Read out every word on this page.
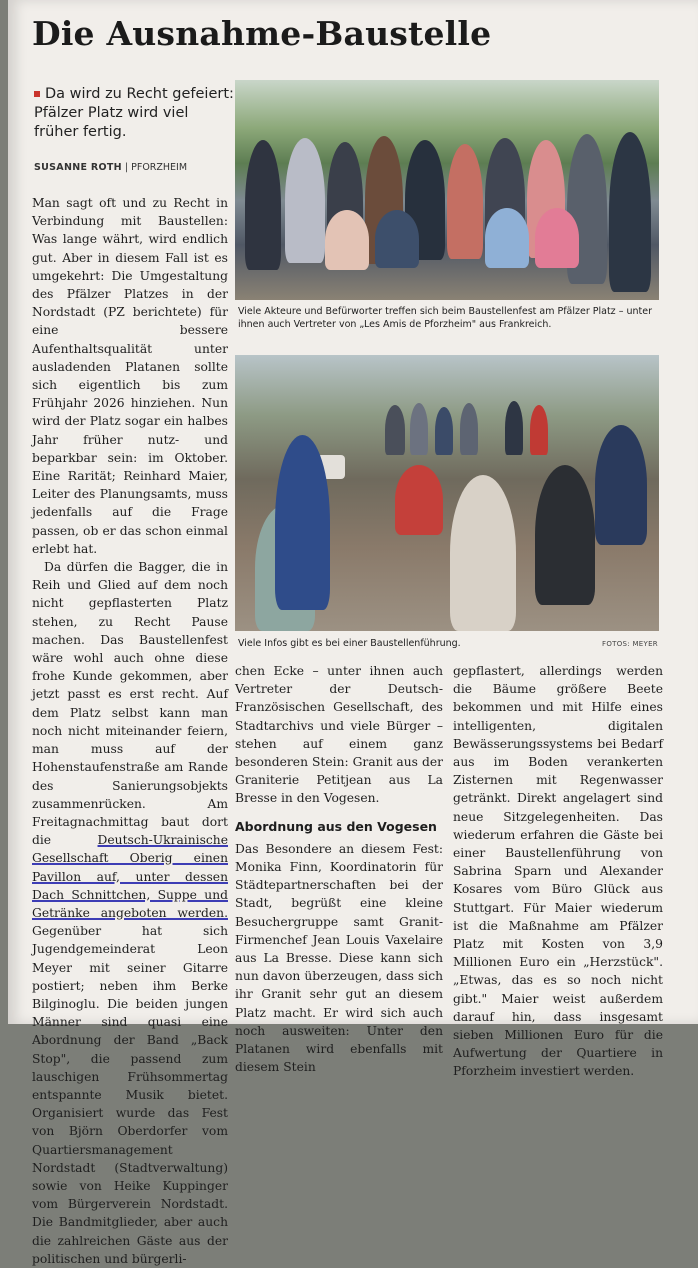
Die Ausnahme-Baustelle
Da wird zu Recht gefeiert: Pfälzer Platz wird viel früher fertig.
SUSANNE ROTH | PFORZHEIM

Man sagt oft und zu Recht in Verbindung mit Baustellen: Was lange währt, wird endlich gut. Aber in diesem Fall ist es umgekehrt: Die Umgestaltung des Pfälzer Platzes in der Nordstadt (PZ berichtete) für eine bessere Aufenthaltsqualität unter ausladenden Platanen sollte sich eigentlich bis zum Frühjahr 2026 hinziehen. Nun wird der Platz sogar ein halbes Jahr früher nutz- und beparkbar sein: im Oktober. Eine Rarität; Reinhard Maier, Leiter des Planungsamts, muss jedenfalls auf die Frage passen, ob er das schon einmal erlebt hat.

Da dürfen die Bagger, die in Reih und Glied auf dem noch nicht gepflasterten Platz stehen, zu Recht Pause machen. Das Baustellenfest wäre wohl auch ohne diese frohe Kunde gekommen, aber jetzt passt es erst recht. Auf dem Platz selbst kann man noch nicht miteinander feiern, man muss auf der Hohenstaufenstraße am Rande des Sanierungsobjekts zusammenrücken. Am Freitagnachmittag baut dort die	Deutsch-Ukrainische Gesellschaft Oberig einen Pavillon auf, unter dessen Dach Schnittchen, Suppe und Getränke angeboten werden. Gegenüber hat sich Jugendgemeinderat Leon Meyer mit seiner Gitarre postiert; neben ihm Berke Bilginoglu. Die beiden jungen Männer sind quasi eine Abordnung der Band „Back Stop", die passend zum lauschigen Frühsommertag entspannte Musik bietet. Organisiert wurde das Fest von Björn Oberdorfer vom Quartiersmanagement Nordstadt (Stadtverwaltung) sowie von Heike Kuppinger vom Bürgerverein Nordstadt. Die Bandmitglieder, aber auch die zahlreichen Gäste aus der politischen und bürgerli-

Viele Akteure und Befürworter treffen sich beim Baustellenfest am Pfälzer Platz – unter ihnen auch Vertreter von „Les Amis de Pforzheim" aus Frankreich.
Viele Infos gibt es bei einer Baustellenführung.	FOTOS: MEYER

chen Ecke – unter ihnen auch Vertreter der Deutsch-Französischen Gesellschaft, des Stadtarchivs und viele Bürger – stehen auf einem ganz besonderen Stein: Granit aus der Graniterie Petitjean aus La Bresse in den Vogesen.

Abordnung aus den Vogesen

Das Besondere an diesem Fest: Monika Finn, Koordinatorin für Städtepartnerschaften bei der Stadt, begrüßt eine kleine Besuchergruppe samt Granit-Firmenchef Jean Louis Vaxelaire aus La Bresse. Diese kann sich nun davon überzeugen, dass sich ihr Granit sehr gut an diesem Platz macht. Er wird sich auch noch ausweiten: Unter den Platanen wird ebenfalls mit diesem Stein

gepflastert, allerdings werden die Bäume größere Beete bekommen und mit Hilfe eines intelligenten, digitalen Bewässerungssystems bei Bedarf aus im Boden verankerten Zisternen mit Regenwasser getränkt. Direkt angelagert sind neue Sitzgelegenheiten. Das wiederum erfahren die Gäste bei einer Baustellenführung von Sabrina Sparn und Alexander Kosares vom Büro Glück aus Stuttgart. Für Maier wiederum ist die Maßnahme am Pfälzer Platz mit Kosten von 3,9 Millionen Euro ein „Herzstück". „Etwas, das es so noch nicht gibt." Maier weist außerdem darauf hin, dass insgesamt sieben Millionen Euro für die Aufwertung der Quartiere in Pforzheim investiert werden.
